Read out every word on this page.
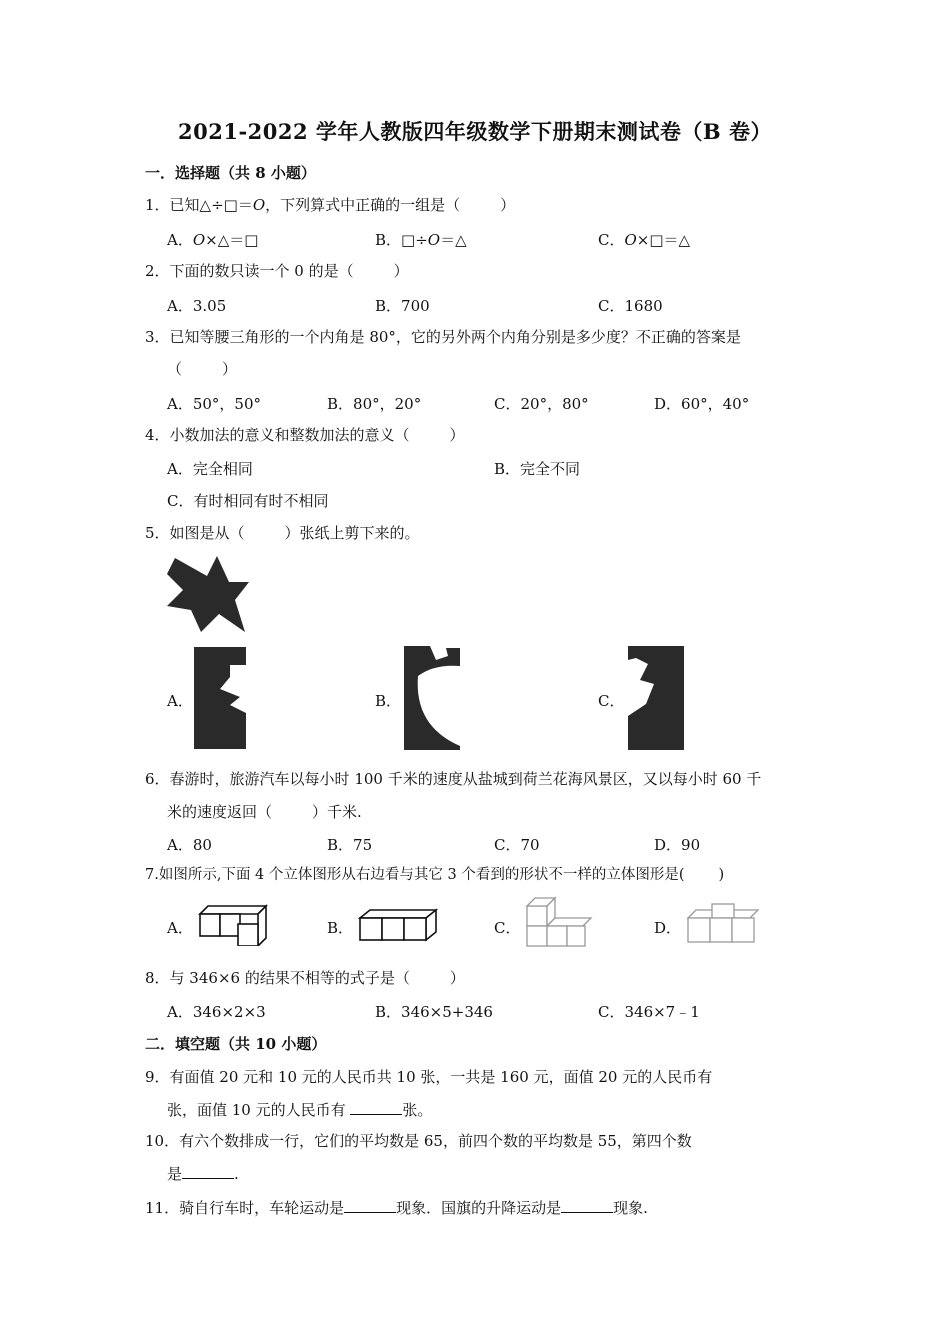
2021-2022 学年人教版四年级数学下册期末测试卷（B 卷）
一．选择题（共 8 小题）
1．已知△÷□＝O，下列算式中正确的一组是（	）
A．O×△＝□	B．□÷O＝△	C．O×□＝△
2．下面的数只读一个 0 的是（	）
A．3.05	B．700	C．1680
3．已知等腰三角形的一个内角是 80°，它的另外两个内角分别是多少度？不正确的答案是
（	）
A．50°，50°	B．80°，20°	C．20°，80°	D．60°，40°
4．小数加法的意义和整数加法的意义（	）
A．完全相同	B．完全不同
C．有时相同有时不相同
5．如图是从（	）张纸上剪下来的。
A．	B．	C．
6．春游时，旅游汽车以每小时 100 千米的速度从盐城到荷兰花海风景区，又以每小时 60 千
米的速度返回（	）千米.
A．80	B．75	C．70	D．90
7.如图所示,下面 4 个立体图形从右边看与其它 3 个看到的形状不一样的立体图形是( )
A．	B．	C．	D．
8．与 346×6 的结果不相等的式子是（	）
A．346×2×3	B．346×5+346	C．346×7﹣1
二．填空题（共 10 小题）
9．有面值 20 元和 10 元的人民币共 10 张，一共是 160 元，面值 20 元的人民币有
张，面值 10 元的人民币有	张。
10．有六个数排成一行，它们的平均数是 65，前四个数的平均数是 55，第四个数
是	.
11．骑自行车时，车轮运动是	现象．国旗的升降运动是	现象.
